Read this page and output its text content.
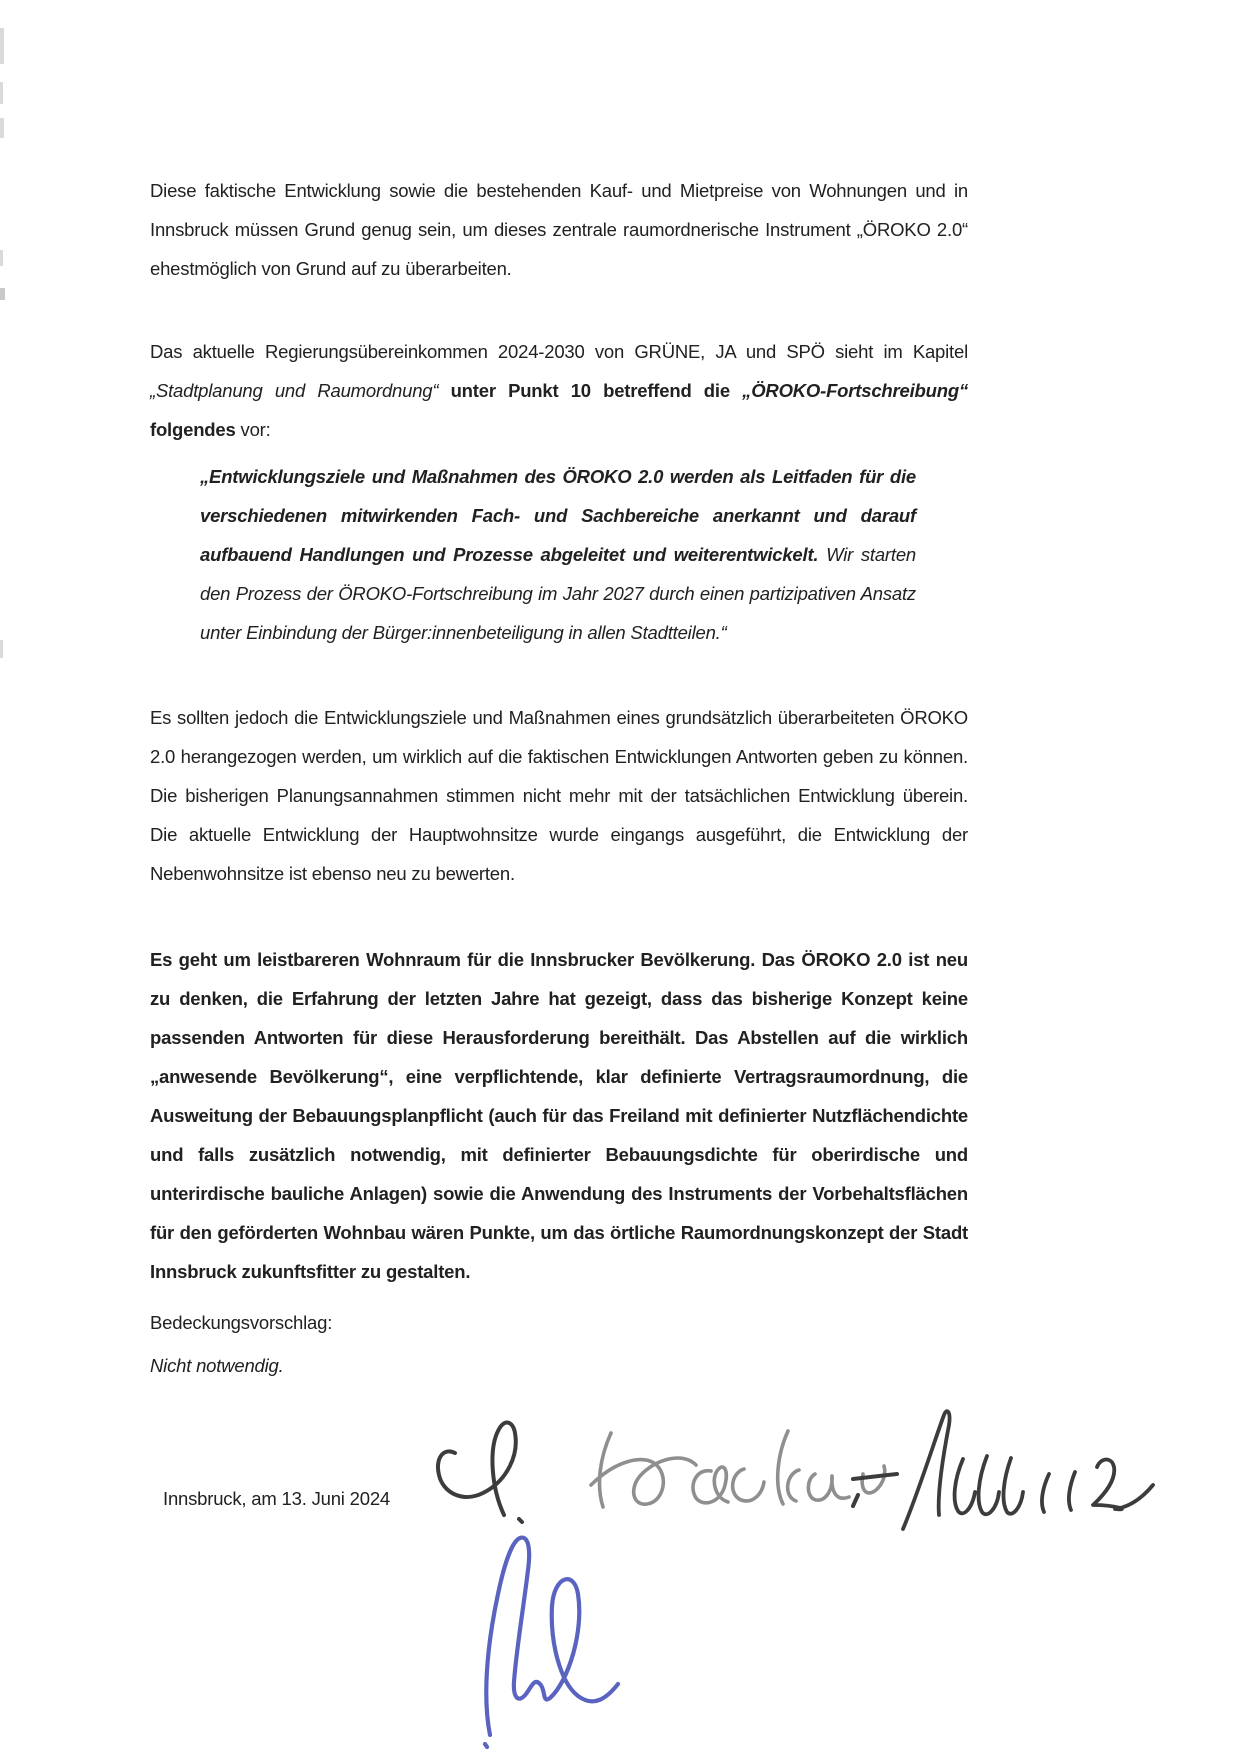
Diese faktische Entwicklung sowie die bestehenden Kauf- und Mietpreise von Wohnungen und in Innsbruck müssen Grund genug sein, um dieses zentrale raumordnerische Instrument „ÖROKO 2.0“ ehestmöglich von Grund auf zu überarbeiten.

Das aktuelle Regierungsübereinkommen 2024-2030 von GRÜNE, JA und SPÖ sieht im Kapitel „Stadtplanung und Raumordnung“ unter Punkt 10 betreffend die „ÖROKO-Fortschreibung“ folgendes vor:

„Entwicklungsziele und Maßnahmen des ÖROKO 2.0 werden als Leitfaden für die verschiedenen mitwirkenden Fach- und Sachbereiche anerkannt und darauf aufbauend Handlungen und Prozesse abgeleitet und weiterentwickelt. Wir starten den Prozess der ÖROKO-Fortschreibung im Jahr 2027 durch einen partizipativen Ansatz unter Einbindung der Bürger:innenbeteiligung in allen Stadtteilen.“

Es sollten jedoch die Entwicklungsziele und Maßnahmen eines grundsätzlich überarbeiteten ÖROKO 2.0 herangezogen werden, um wirklich auf die faktischen Entwicklungen Antworten geben zu können. Die bisherigen Planungsannahmen stimmen nicht mehr mit der tatsächlichen Entwicklung überein. Die aktuelle Entwicklung der Hauptwohnsitze wurde eingangs ausgeführt, die Entwicklung der Nebenwohnsitze ist ebenso neu zu bewerten.

Es geht um leistbareren Wohnraum für die Innsbrucker Bevölkerung. Das ÖROKO 2.0 ist neu zu denken, die Erfahrung der letzten Jahre hat gezeigt, dass das bisherige Konzept keine passenden Antworten für diese Herausforderung bereithält. Das Abstellen auf die wirklich „anwesende Bevölkerung“, eine verpflichtende, klar definierte Vertragsraumordnung, die Ausweitung der Bebauungsplanpflicht (auch für das Freiland mit definierter Nutzflächendichte und falls zusätzlich notwendig, mit definierter Bebauungsdichte für oberirdische und unterirdische bauliche Anlagen) sowie die Anwendung des Instruments der Vorbehaltsflächen für den geförderten Wohnbau wären Punkte, um das örtliche Raumordnungskonzept der Stadt Innsbruck zukunftsfitter zu gestalten.

Bedeckungsvorschlag:

Nicht notwendig.

Innsbruck, am 13. Juni 2024
